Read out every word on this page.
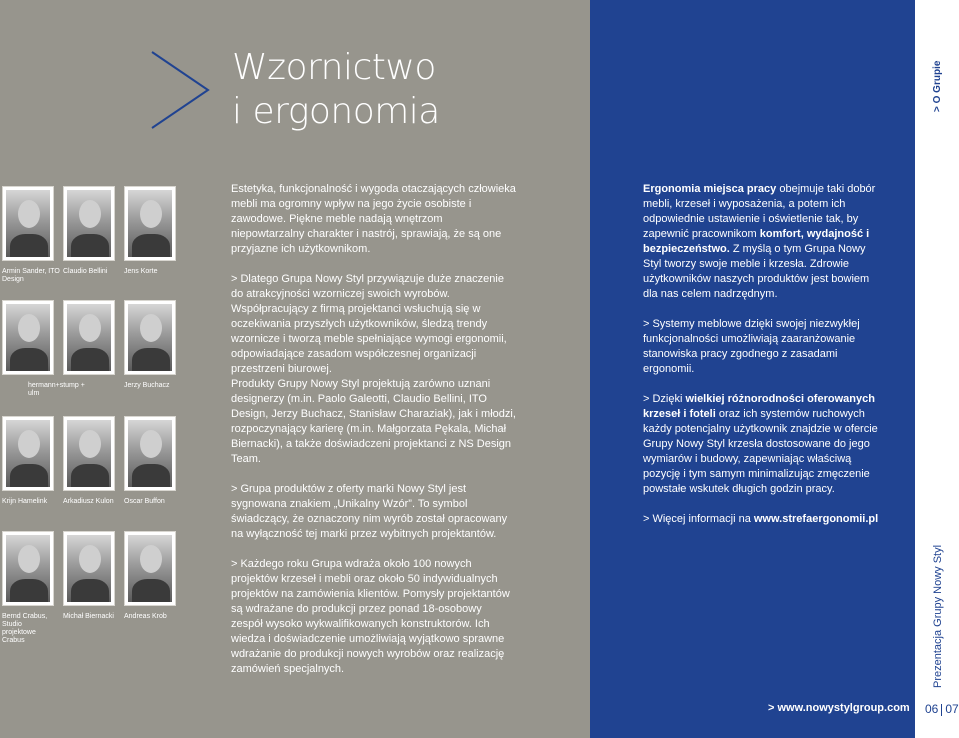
Wzornictwo
i ergonomia
Armin Sander, ITO Design
Claudio Bellini	Jens Korte
hermann+stump + ulm
Jerzy Buchacz
Krijn Hamelink	Arkadiusz Kulon	Oscar Buffon
Bernd Crabus, Studio projektowe Crabus
Michał Biernacki	Andreas Krob

Estetyka, funkcjonalność i wygoda otaczających człowieka mebli ma ogromny wpływ na jego życie osobiste i zawodowe. Piękne meble nadają wnętrzom niepowtarzalny charakter i nastrój, sprawiają, że są one przyjazne ich użytkownikom.

> Dlatego Grupa Nowy Styl przywiązuje duże znaczenie do atrakcyjności wzorniczej swoich wyrobów. Współpracujący z firmą projektanci wsłuchują się w oczekiwania przyszłych użytkowników, śledzą trendy wzornicze i tworzą meble spełniające wymogi ergonomii, odpowiadające zasadom współczesnej organizacji przestrzeni biurowej.

Produkty Grupy Nowy Styl projektują zarówno uznani designerzy (m.in. Paolo Galeotti, Claudio Bellini, ITO Design, Jerzy Buchacz, Stanisław Charaziak), jak i młodzi, rozpoczynający karierę (m.in. Małgorzata Pękala, Michał Biernacki), a także doświadczeni projektanci z NS Design Team.

> Grupa produktów z oferty marki Nowy Styl jest sygnowana znakiem „Unikalny Wzór”. To symbol świadczący, że oznaczony nim wyrób został opracowany na wyłączność tej marki przez wybitnych projektantów.

> Każdego roku Grupa wdraża około 100 nowych projektów krzeseł i mebli oraz około 50 indywidualnych projektów na zamówienia klientów. Pomysły projektantów są wdrażane do produkcji przez ponad 18-osobowy zespół wysoko wykwalifikowanych konstruktorów. Ich wiedza i doświadczenie umożliwiają wyjątkowo sprawne wdrażanie do produkcji nowych wyrobów oraz realizację zamówień specjalnych.

Ergonomia miejsca pracy obejmuje taki dobór mebli, krzeseł i wyposażenia, a potem ich odpowiednie ustawienie i oświetlenie tak, by zapewnić pracownikom komfort, wydajność i bezpieczeństwo. Z myślą o tym Grupa Nowy Styl tworzy swoje meble i krzesła. Zdrowie użytkowników naszych produktów jest bowiem dla nas celem nadrzędnym.

> Systemy meblowe dzięki swojej niezwykłej funkcjonalności umożliwiają zaaranżowanie stanowiska pracy zgodnego z zasadami ergonomii.

> Dzięki wielkiej różnorodności oferowanych krzeseł i foteli oraz ich systemów ruchowych każdy potencjalny użytkownik znajdzie w ofercie Grupy Nowy Styl krzesła dostosowane do jego wymiarów i budowy, zapewniając właściwą pozycję i tym samym minimalizując zmęczenie powstałe wskutek długich godzin pracy.

> Więcej informacji na www.strefaergonomii.pl

> www.nowystylgroup.com
> O Grupie
Prezentacja Grupy Nowy Styl
06 07
